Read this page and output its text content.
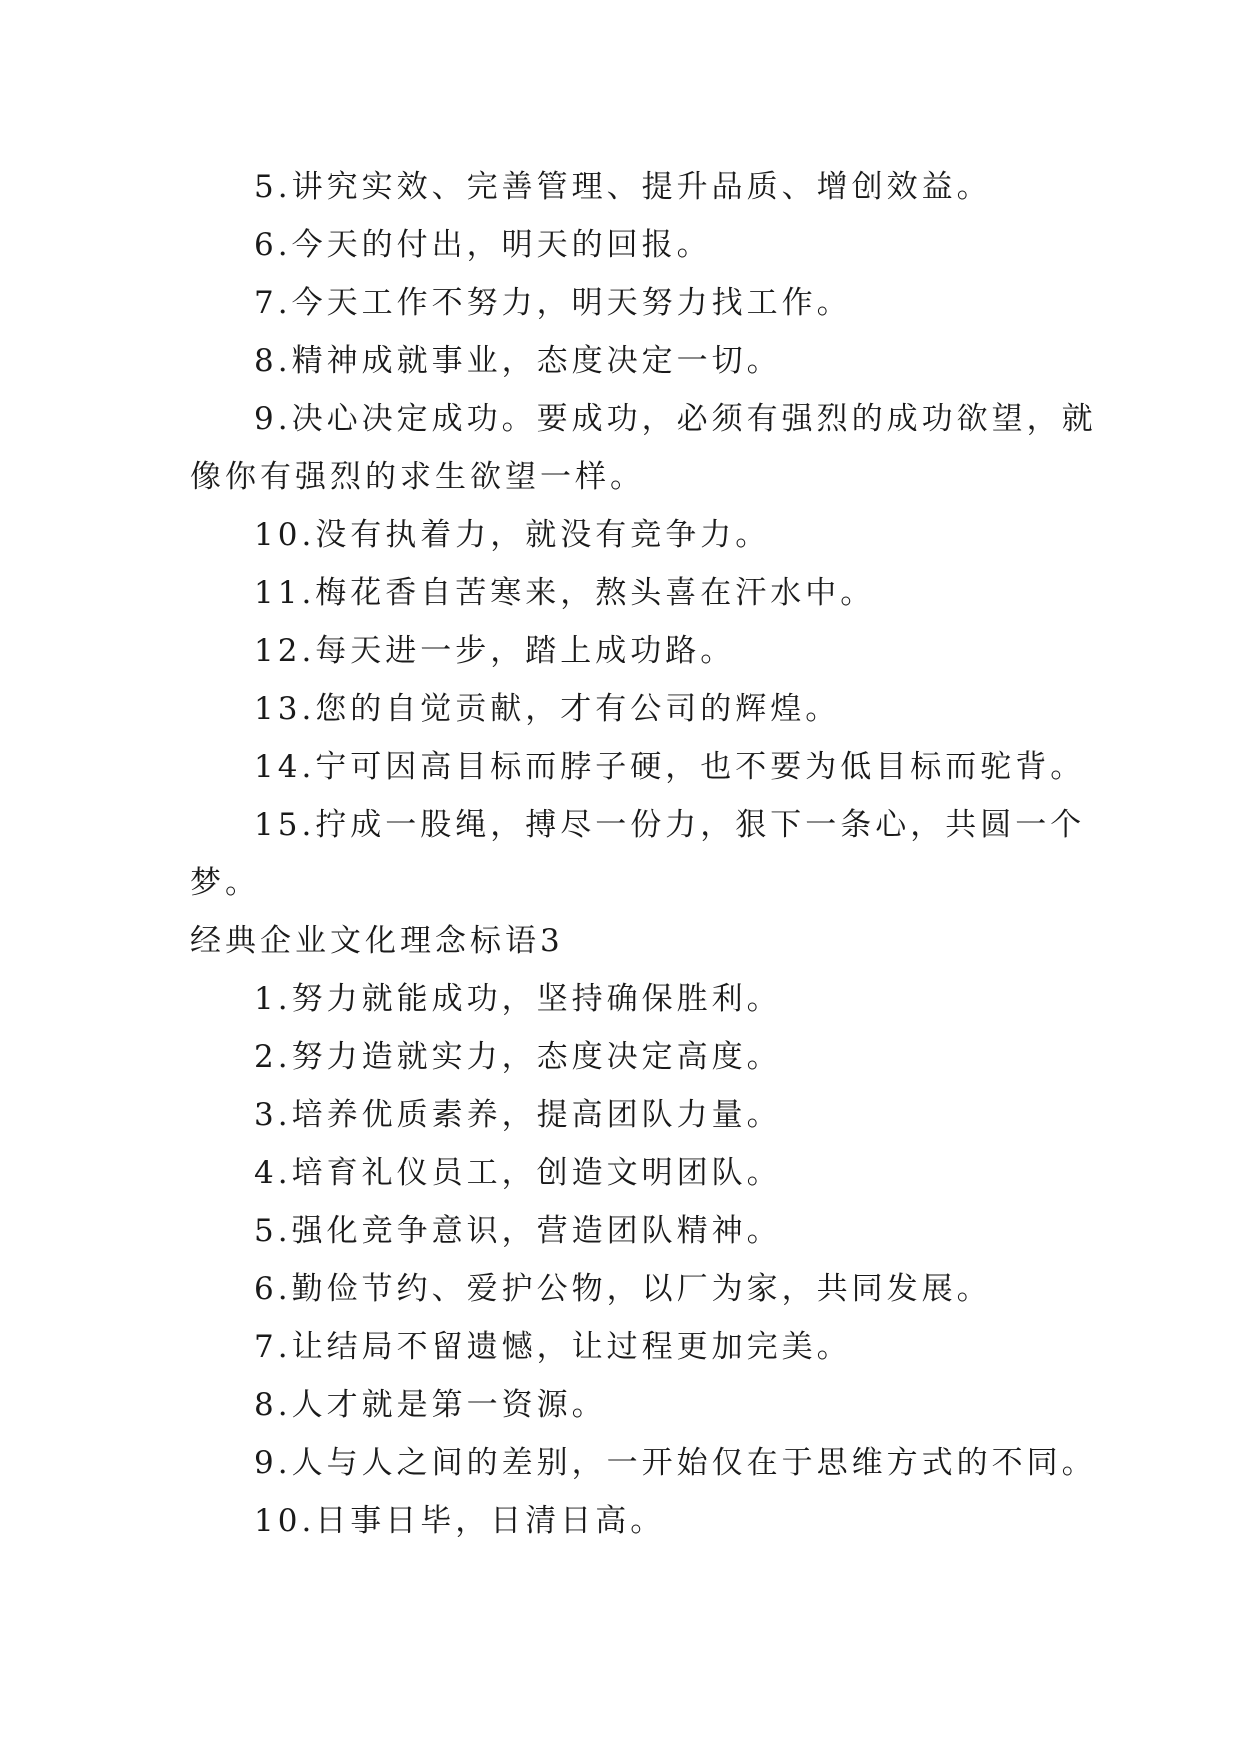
5.讲究实效、完善管理、提升品质、增创效益。
6.今天的付出，明天的回报。
7.今天工作不努力，明天努力找工作。
8.精神成就事业，态度决定一切。
9.决心决定成功。要成功，必须有强烈的成功欲望，就
像你有强烈的求生欲望一样。
10.没有执着力，就没有竞争力。
11.梅花香自苦寒来，熬头喜在汗水中。
12.每天进一步，踏上成功路。
13.您的自觉贡献，才有公司的辉煌。
14.宁可因高目标而脖子硬，也不要为低目标而驼背。
15.拧成一股绳，搏尽一份力，狠下一条心，共圆一个
梦。
经典企业文化理念标语3
1.努力就能成功，坚持确保胜利。
2.努力造就实力，态度决定高度。
3.培养优质素养，提高团队力量。
4.培育礼仪员工，创造文明团队。
5.强化竞争意识，营造团队精神。
6.勤俭节约、爱护公物，以厂为家，共同发展。
7.让结局不留遗憾，让过程更加完美。
8.人才就是第一资源。
9.人与人之间的差别，一开始仅在于思维方式的不同。
10.日事日毕，日清日高。
